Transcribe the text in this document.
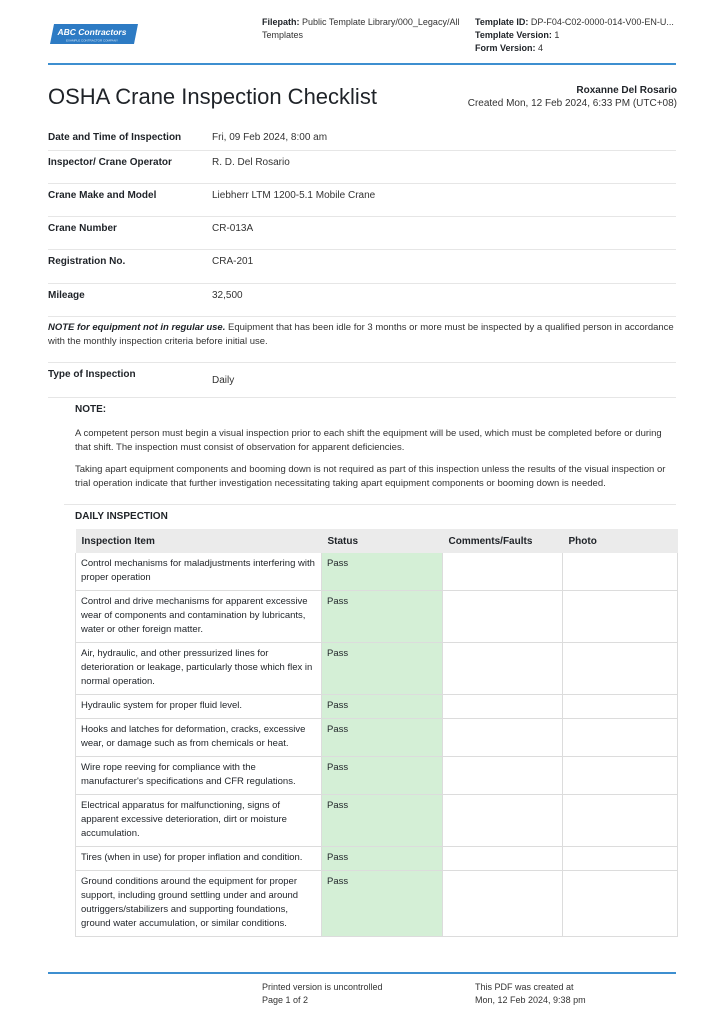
ABC Contractors
EXAMPLE CONTRACTOR COMPANY
Filepath: Public Template Library/000_Legacy/All
Templates
Template ID: DP-F04-C02-0000-014-V00-EN-U...
Template Version: 1
Form Version: 4
OSHA Crane Inspection Checklist	Roxanne Del Rosario
Created Mon, 12 Feb 2024, 6:33 PM (UTC+08)
Date and Time of Inspection	Fri, 09 Feb 2024, 8:00 am
Inspector/ Crane Operator	R. D. Del Rosario
Crane Make and Model	Liebherr LTM 1200-5.1 Mobile Crane
Crane Number	CR-013A
Registration No.	CRA-201
Mileage	32,500
NOTE for equipment not in regular use. Equipment that has been idle for 3 months or more must be inspected by a qualified person in accordance with the monthly inspection criteria before initial use.
Type of Inspection
Daily
NOTE:
A competent person must begin a visual inspection prior to each shift the equipment will be used, which must be completed before or during that shift. The inspection must consist of observation for apparent deficiencies.
Taking apart equipment components and booming down is not required as part of this inspection unless the results of the visual inspection or trial operation indicate that further investigation necessitating taking apart equipment components or booming down is needed.
DAILY INSPECTION
Inspection Item	Status	Comments/Faults	Photo
Control mechanisms for maladjustments interfering with proper operation	Pass		
Control and drive mechanisms for apparent excessive wear of components and contamination by lubricants, water or other foreign matter.	Pass		
Air, hydraulic, and other pressurized lines for deterioration or leakage, particularly those which flex in normal operation.	Pass		
Hydraulic system for proper fluid level.	Pass		
Hooks and latches for deformation, cracks, excessive wear, or damage such as from chemicals or heat.	Pass		
Wire rope reeving for compliance with the manufacturer's specifications and CFR regulations.	Pass		
Electrical apparatus for malfunctioning, signs of apparent excessive deterioration, dirt or moisture accumulation.	Pass		
Tires (when in use) for proper inflation and condition.	Pass		
Ground conditions around the equipment for proper support, including ground settling under and around outriggers/stabilizers and supporting foundations, ground water accumulation, or similar conditions.	Pass		
Printed version is uncontrolled
Page 1 of 2
This PDF was created at
Mon, 12 Feb 2024, 9:38 pm
